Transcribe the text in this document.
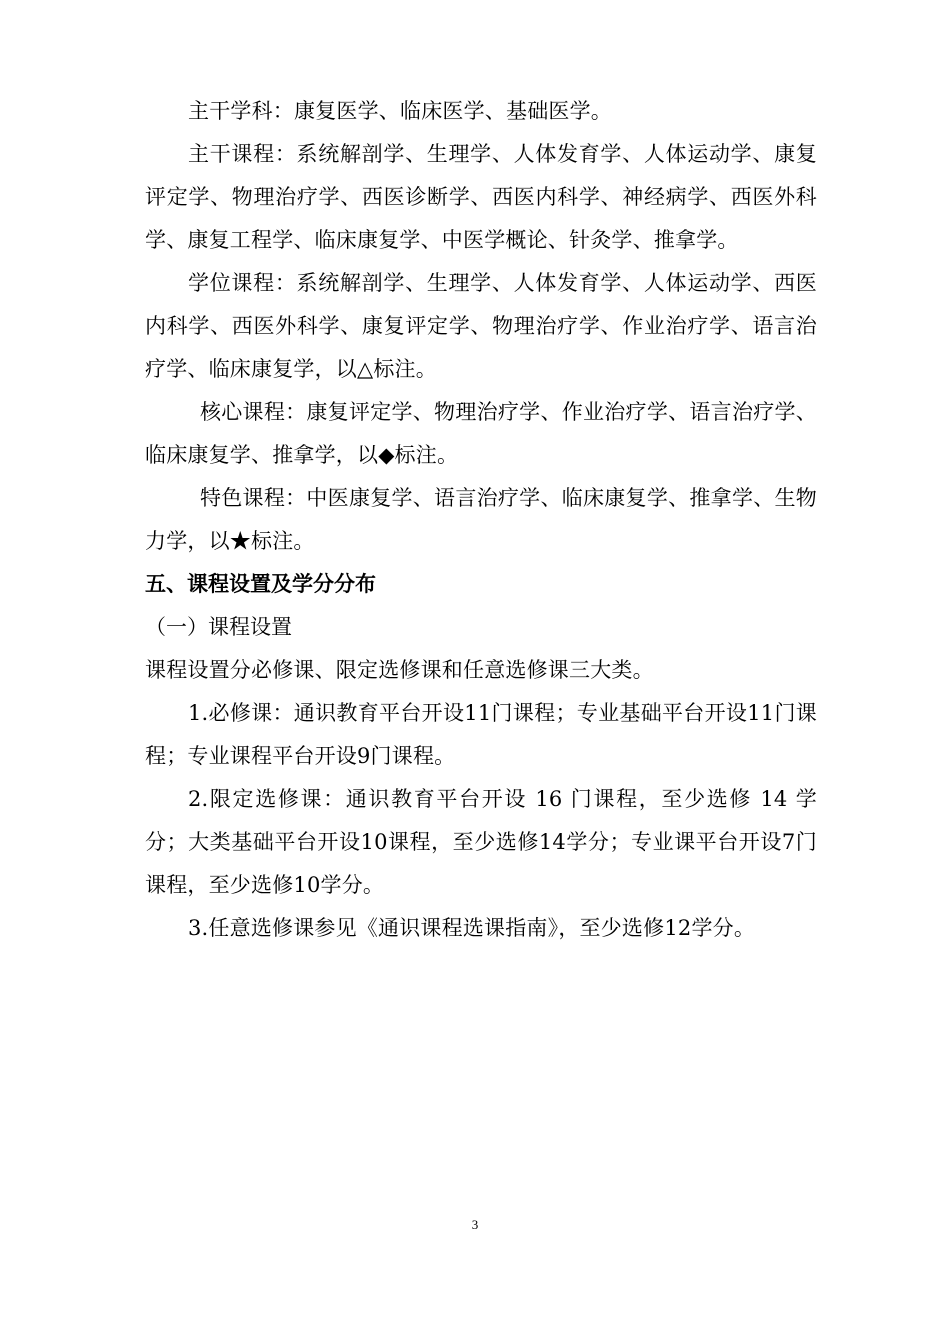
主干学科：康复医学、临床医学、基础医学。

主干课程：系统解剖学、生理学、人体发育学、人体运动学、康复评定学、物理治疗学、西医诊断学、西医内科学、神经病学、西医外科学、康复工程学、临床康复学、中医学概论、针灸学、推拿学。

学位课程：系统解剖学、生理学、人体发育学、人体运动学、西医内科学、西医外科学、康复评定学、物理治疗学、作业治疗学、语言治疗学、临床康复学，以△标注。

核心课程：康复评定学、物理治疗学、作业治疗学、语言治疗学、临床康复学、推拿学，以◆标注。

特色课程：中医康复学、语言治疗学、临床康复学、推拿学、生物力学，以★标注。

五、课程设置及学分分布

（一）课程设置

课程设置分必修课、限定选修课和任意选修课三大类。

1.必修课：通识教育平台开设11门课程；专业基础平台开设11门课程；专业课程平台开设9门课程。

2.限定选修课：通识教育平台开设 16 门课程，至少选修 14 学分；大类基础平台开设10课程，至少选修14学分；专业课平台开设7门课程，至少选修10学分。

3.任意选修课参见《通识课程选课指南》，至少选修12学分。

3
